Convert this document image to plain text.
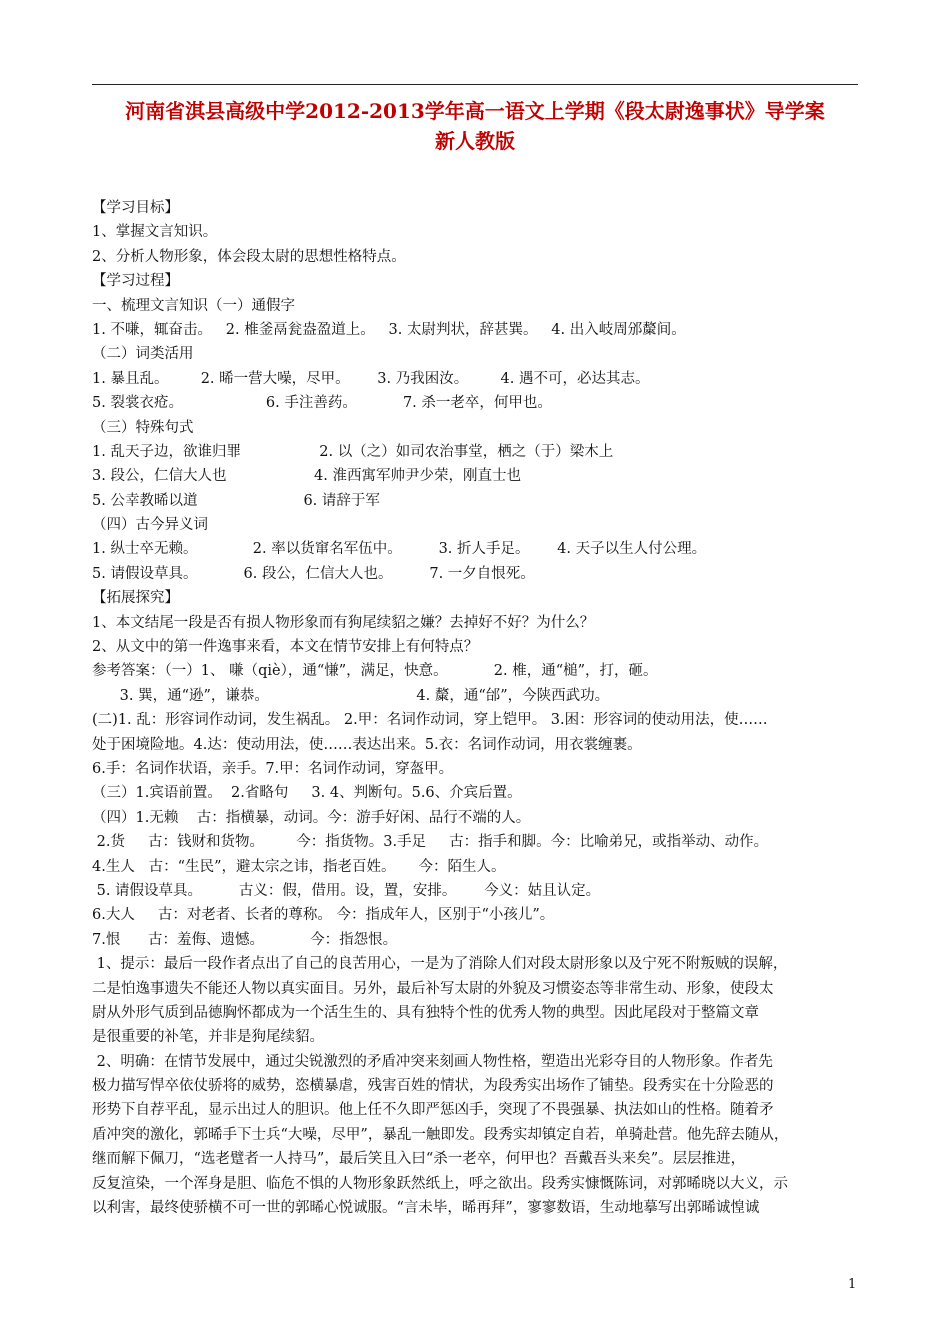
河南省淇县高级中学2012-2013学年高一语文上学期《段太尉逸事状》导学案
新人教版
【学习目标】
1、掌握文言知识。
2、分析人物形象，体会段太尉的思想性格特点。
【学习过程】
一、梳理文言知识（一）通假字
1. 不嗛，辄奋击。   2. 椎釜鬲瓮盎盈道上。   3. 太尉判状，辞甚巽。   4. 出入岐周邠斄间。
（二）词类活用
1. 暴且乱。       2. 晞一营大噪，尽甲。      3. 乃我困汝。       4. 遇不可，必达其志。
5. 裂裳衣疮。                  6. 手注善药。          7. 杀一老卒，何甲也。
（三）特殊句式
1. 乱天子边，欲谁归罪                 2. 以（之）如司农治事堂，栖之（于）梁木上
3. 段公，仁信大人也                   4. 淮西寓军帅尹少荣，刚直士也
5. 公幸教晞以道                       6. 请辞于军
（四）古今异义词
1. 纵士卒无赖。            2. 率以货窜名军伍中。        3. 折人手足。      4. 天子以生人付公理。
5. 请假设草具。          6. 段公，仁信大人也。        7. 一夕自恨死。
【拓展探究】
1、本文结尾一段是否有损人物形象而有狗尾续貂之嫌？去掉好不好？为什么？
2、从文中的第一件逸事来看，本文在情节安排上有何特点？
参考答案：（一）1、 嗛（qiè），通“慊”，满足，快意。          2. 椎，通“槌”，打，砸。
3. 巽，通“逊”，谦恭。                                4. 斄，通“邰”，今陕西武功。
(二)1. 乱：形容词作动词，发生祸乱。 2.甲：名词作动词，穿上铠甲。 3.困：形容词的使动用法，使……
处于困境险地。4.达：使动用法，使……表达出来。5.衣：名词作动词，用衣裳缠裹。
6.手：名词作状语，亲手。7.甲：名词作动词，穿盔甲。
（三）1.宾语前置。  2.省略句     3. 4、判断句。5.6、介宾后置。
（四）1.无赖    古：指横暴，动词。今：游手好闲、品行不端的人。
2.货     古：钱财和货物。       今：指货物。3.手足     古：指手和脚。今：比喻弟兄，或指举动、动作。
4.生人   古：“生民”，避太宗之讳，指老百姓。     今：陌生人。
5. 请假设草具。        古义：假，借用。设，置，安排。      今义：姑且认定。
6.大人     古：对老者、长者的尊称。 今：指成年人，区别于“小孩儿”。
7.恨      古：羞侮、遗憾。          今：指怨恨。
1、提示：最后一段作者点出了自己的良苦用心，一是为了消除人们对段太尉形象以及宁死不附叛贼的误解，
二是怕逸事遗失不能还人物以真实面目。另外，最后补写太尉的外貌及习惯姿态等非常生动、形象，使段太
尉从外形气质到品德胸怀都成为一个活生生的、具有独特个性的优秀人物的典型。因此尾段对于整篇文章
是很重要的补笔，并非是狗尾续貂。
2、明确：在情节发展中，通过尖锐激烈的矛盾冲突来刻画人物性格，塑造出光彩夺目的人物形象。作者先
极力描写悍卒依仗骄将的威势，恣横暴虐，残害百姓的情状，为段秀实出场作了铺垫。段秀实在十分险恶的
形势下自荐平乱，显示出过人的胆识。他上任不久即严惩凶手，突现了不畏强暴、执法如山的性格。随着矛
盾冲突的激化，郭晞手下士兵“大噪，尽甲”，暴乱一触即发。段秀实却镇定自若，单骑赴营。他先辞去随从，
继而解下佩刀，“选老躄者一人持马”，最后笑且入曰“杀一老卒，何甲也？吾戴吾头来矣”。层层推进，
反复渲染，一个浑身是胆、临危不惧的人物形象跃然纸上，呼之欲出。段秀实慷慨陈词，对郭晞晓以大义，示
以利害，最终使骄横不可一世的郭晞心悦诚服。“言未毕，晞再拜”，寥寥数语，生动地摹写出郭晞诚惶诚
1
